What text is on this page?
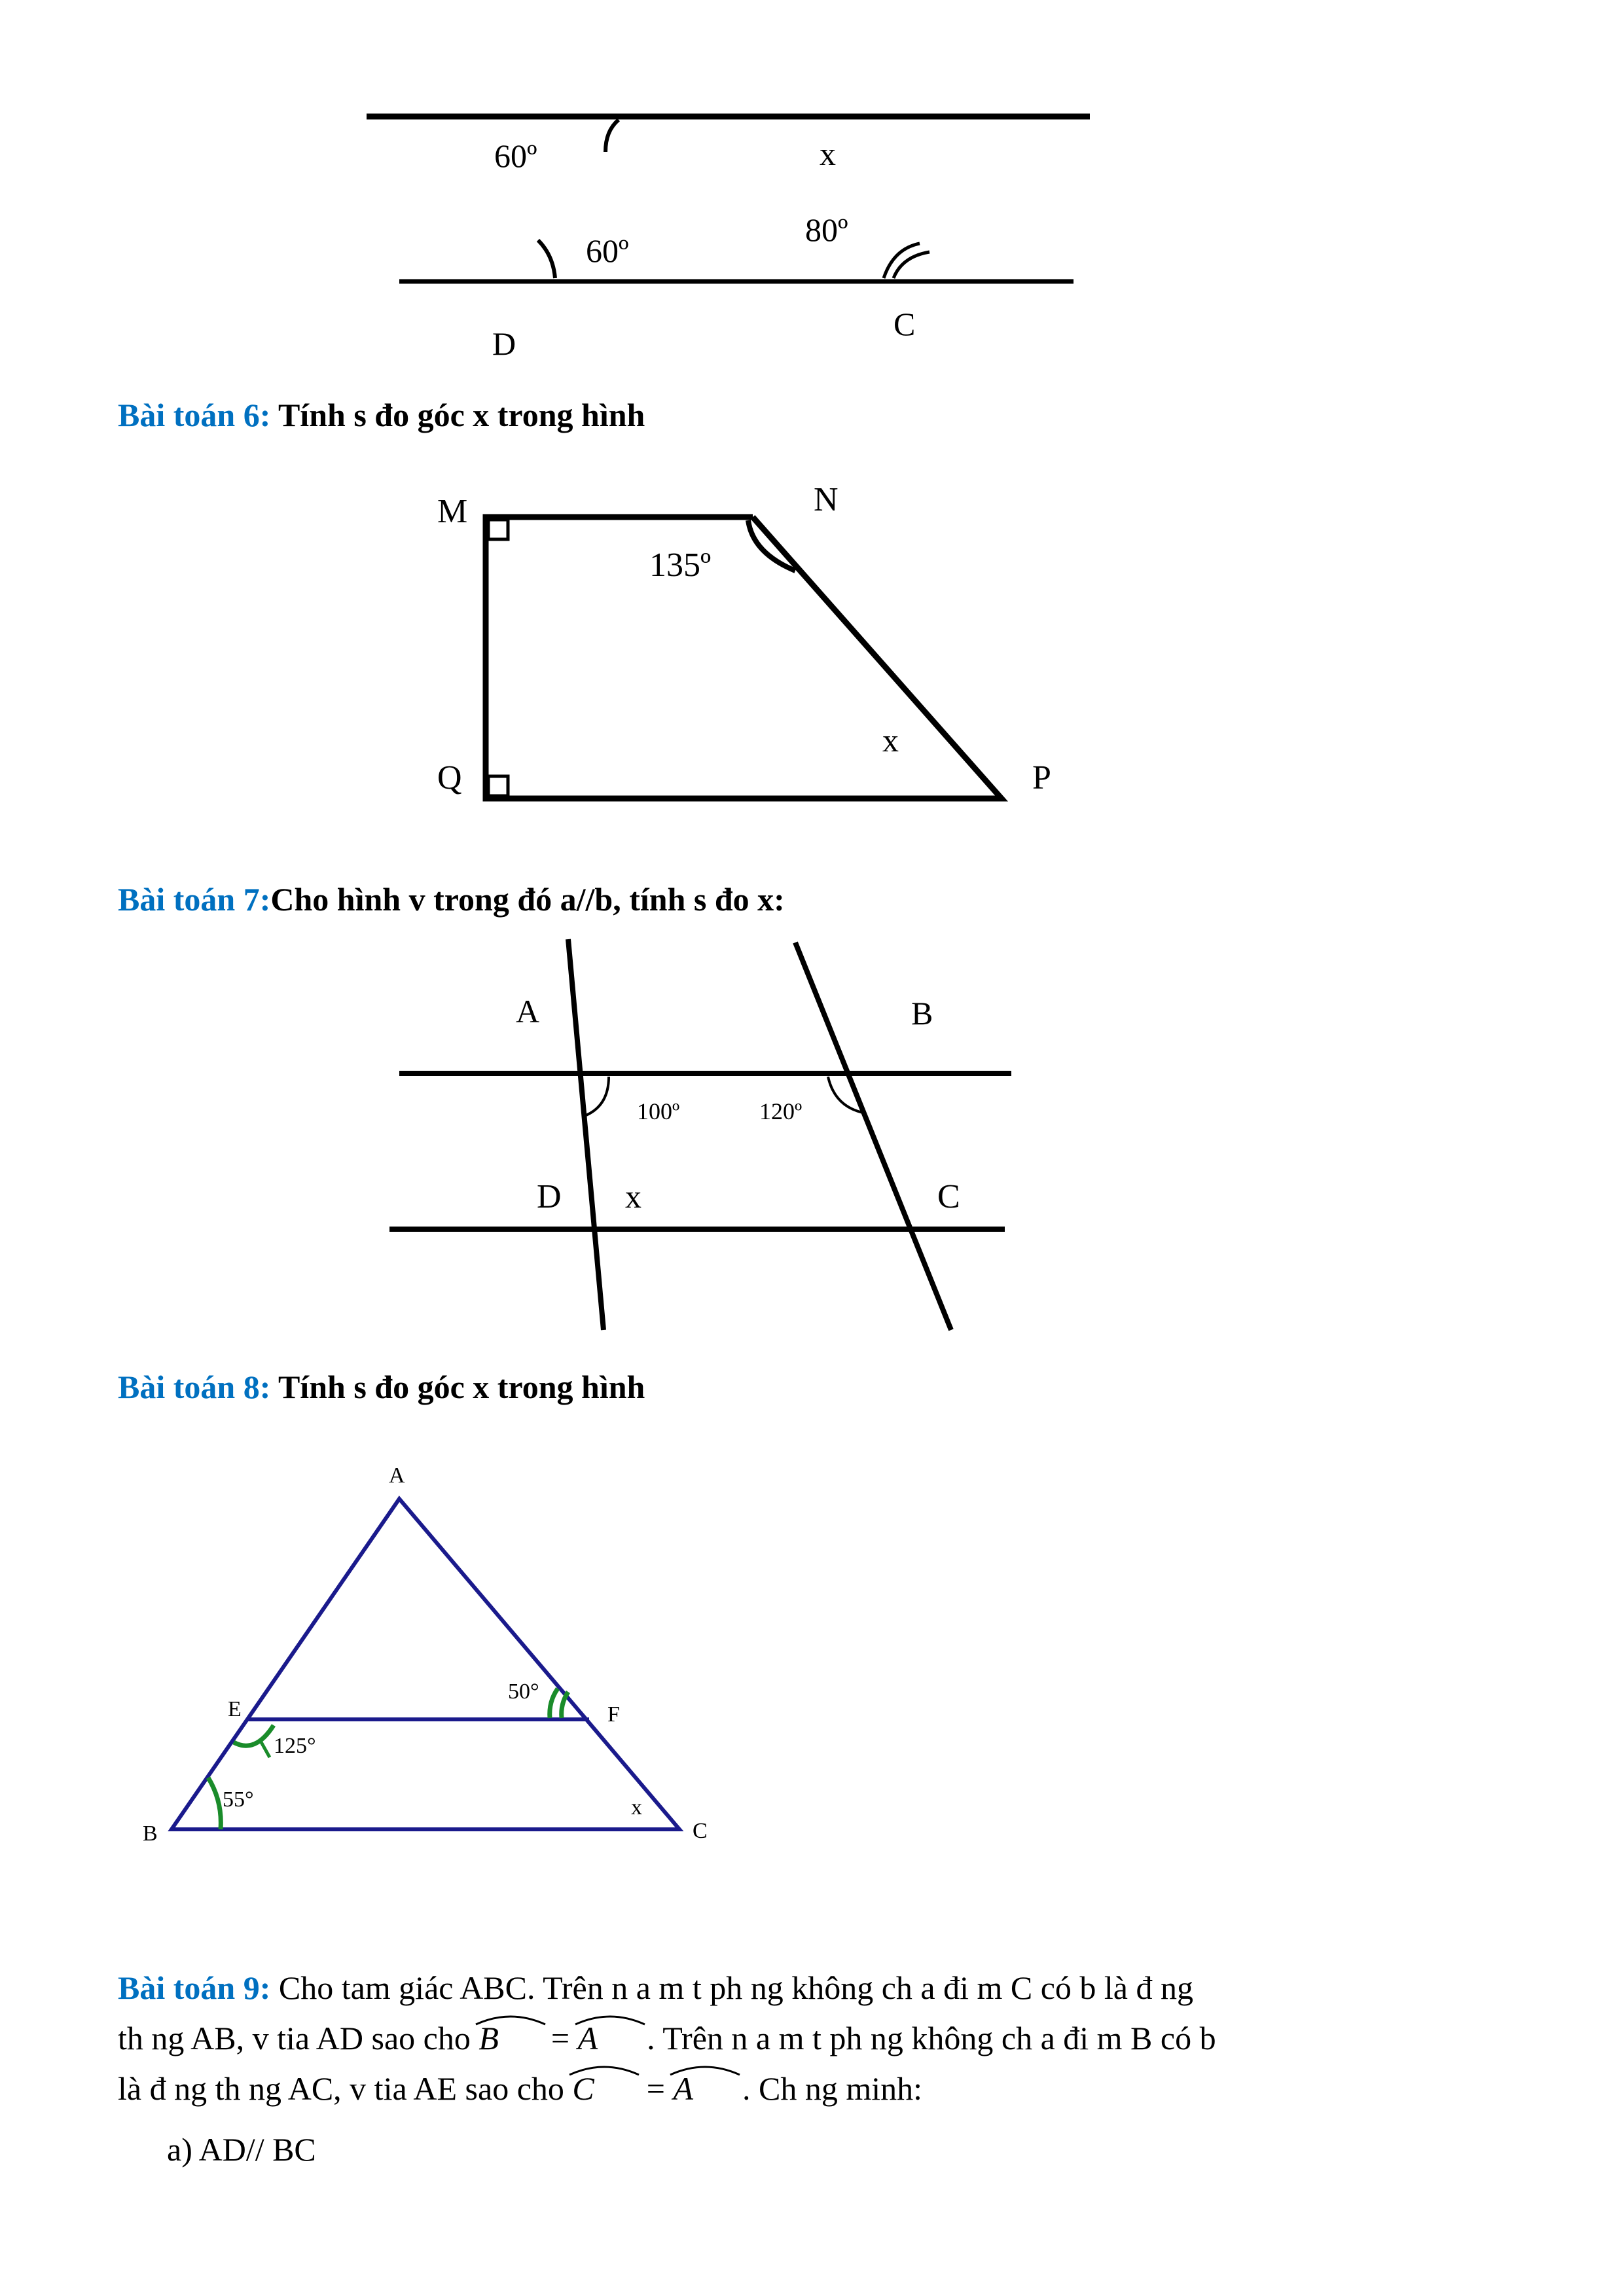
60º	x
60º
80º
D
C
Bài toán 6: Tính s đo góc x trong hình
M	N
Q	P
135º
x
Bài toán 7:Cho hình v trong đó a//b, tính s đo x:
A	B
D	C
100º	120º
x
Bài toán 8: Tính s đo góc x trong hình
A
E	F
B	C
50°
125°
55°	x
Bài toán 9: Cho tam giác ABC. Trên n a m t ph ng không ch a đi m C có b là đ ng
th ng AB, v tia AD sao cho
B =
A . Trên n a m t ph ng không ch a đi m B có b
là đ ng th ng AC, v tia AE sao cho
C =
A . Ch ng minh:
a) AD// BC
